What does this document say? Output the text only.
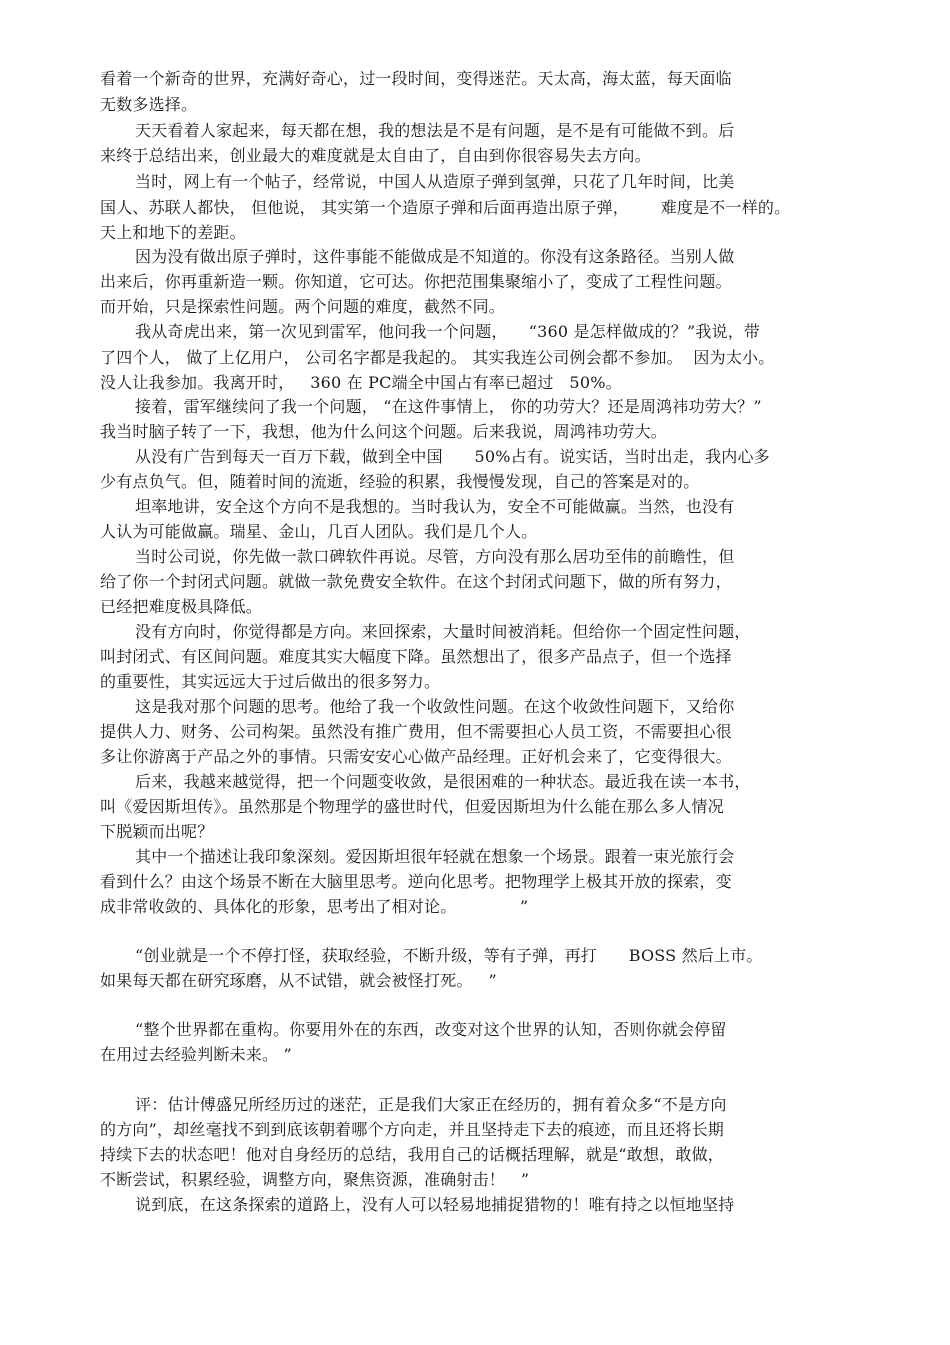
看着一个新奇的世界，充满好奇心，过一段时间，变得迷茫。天太高，海太蓝，每天面临
无数多选择。
天天看着人家起来，每天都在想，我的想法是不是有问题，是不是有可能做不到。后
来终于总结出来，创业最大的难度就是太自由了，自由到你很容易失去方向。
当时，网上有一个帖子，经常说，中国人从造原子弹到氢弹，只花了几年时间，比美
国人、苏联人都快， 但他说， 其实第一个造原子弹和后面再造出原子弹，      难度是不一样的。
天上和地下的差距。
因为没有做出原子弹时，这件事能不能做成是不知道的。你没有这条路径。当别人做
出来后，你再重新造一颗。你知道，它可达。你把范围集聚缩小了，变成了工程性问题。
而开始，只是探索性问题。两个问题的难度，截然不同。
我从奇虎出来，第一次见到雷军，他问我一个问题，    “360 是怎样做成的？”我说，带
了四个人， 做了上亿用户， 公司名字都是我起的。 其实我连公司例会都不参加。  因为太小。
没人让我参加。我离开时，   360 在 PC端全中国占有率已超过   50%。
接着，雷军继续问了我一个问题， “在这件事情上， 你的功劳大？还是周鸿祎功劳大？”
我当时脑子转了一下，我想，他为什么问这个问题。后来我说，周鸿祎功劳大。
从没有广告到每天一百万下载，做到全中国      50%占有。说实话，当时出走，我内心多
少有点负气。但，随着时间的流逝，经验的积累，我慢慢发现，自己的答案是对的。
坦率地讲，安全这个方向不是我想的。当时我认为，安全不可能做赢。当然，也没有
人认为可能做赢。瑞星、金山，几百人团队。我们是几个人。
当时公司说，你先做一款口碑软件再说。尽管，方向没有那么居功至伟的前瞻性，但
给了你一个封闭式问题。就做一款免费安全软件。在这个封闭式问题下，做的所有努力，
已经把难度极具降低。
没有方向时，你觉得都是方向。来回探索，大量时间被消耗。但给你一个固定性问题，
叫封闭式、有区间问题。难度其实大幅度下降。虽然想出了，很多产品点子，但一个选择
的重要性，其实远远大于过后做出的很多努力。
这是我对那个问题的思考。他给了我一个收敛性问题。在这个收敛性问题下，又给你
提供人力、财务、公司构架。虽然没有推广费用，但不需要担心人员工资，不需要担心很
多让你游离于产品之外的事情。只需安安心心做产品经理。正好机会来了，它变得很大。
后来，我越来越觉得，把一个问题变收敛，是很困难的一种状态。最近我在读一本书，
叫《爱因斯坦传》。虽然那是个物理学的盛世时代，但爱因斯坦为什么能在那么多人情况
下脱颖而出呢？
其中一个描述让我印象深刻。爱因斯坦很年轻就在想象一个场景。跟着一束光旅行会
看到什么？由这个场景不断在大脑里思考。逆向化思考。把物理学上极其开放的探索，变
成非常收敛的、具体化的形象，思考出了相对论。            ”
“创业就是一个不停打怪，获取经验，不断升级，等有子弹，再打      BOSS 然后上市。
如果每天都在研究琢磨，从不试错，就会被怪打死。   ”
“整个世界都在重构。你要用外在的东西，改变对这个世界的认知，否则你就会停留
在用过去经验判断未来。 ”
评：估计傅盛兄所经历过的迷茫，正是我们大家正在经历的，拥有着众多“不是方向
的方向”，却丝毫找不到到底该朝着哪个方向走，并且坚持走下去的痕迹，而且还将长期
持续下去的状态吧！他对自身经历的总结，我用自己的话概括理解，就是“敢想，敢做，
不断尝试，积累经验，调整方向，聚焦资源，准确射击！   ”
说到底，在这条探索的道路上，没有人可以轻易地捕捉猎物的！唯有持之以恒地坚持
